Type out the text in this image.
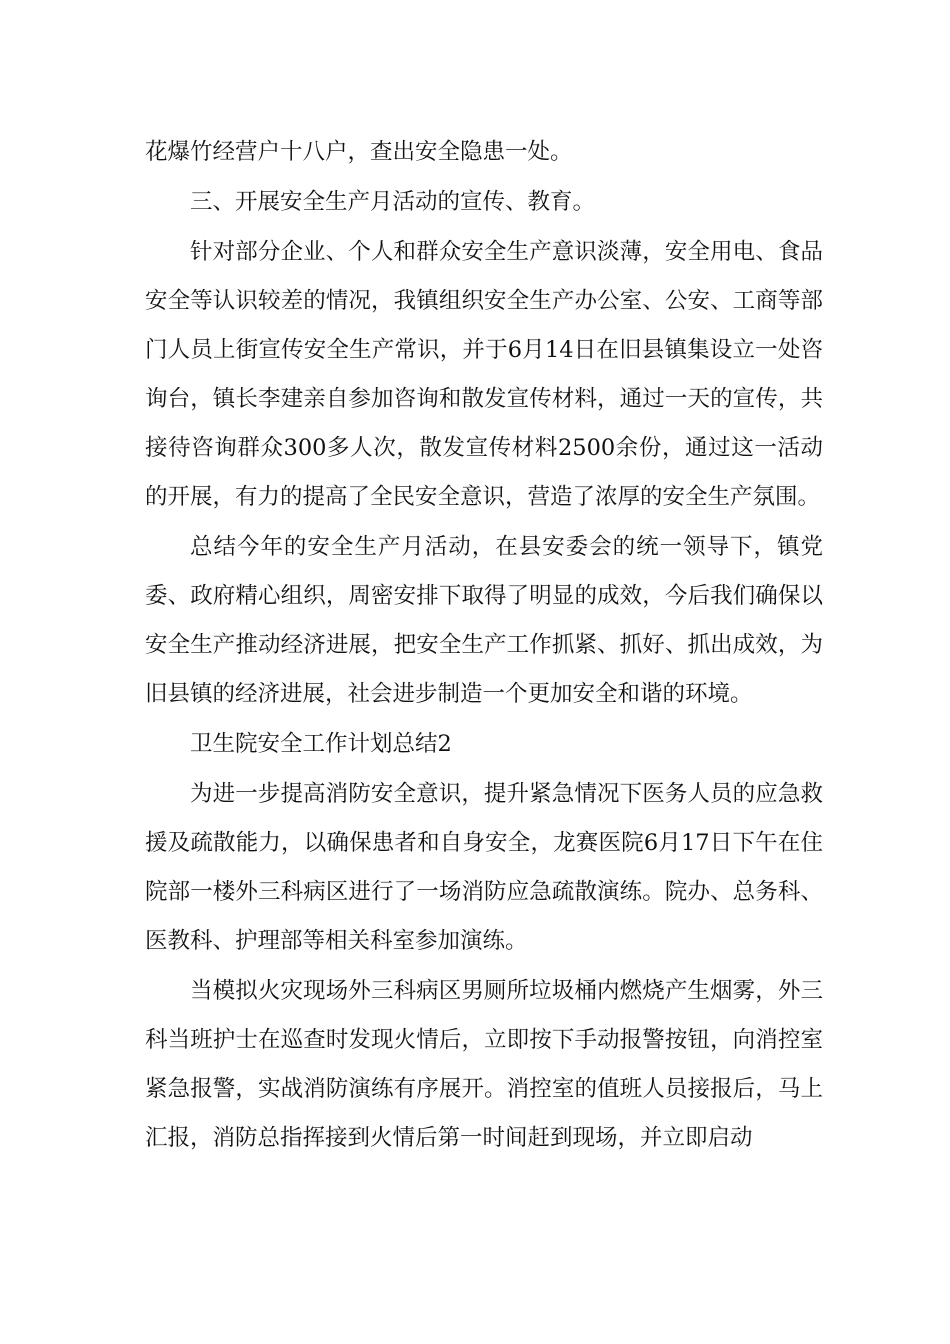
花爆竹经营户十八户，查出安全隐患一处。

三、开展安全生产月活动的宣传、教育。

针对部分企业、个人和群众安全生产意识淡薄，安全用电、食品安全等认识较差的情况，我镇组织安全生产办公室、公安、工商等部门人员上街宣传安全生产常识，并于6月14日在旧县镇集设立一处咨询台，镇长李建亲自参加咨询和散发宣传材料，通过一天的宣传，共接待咨询群众300多人次，散发宣传材料2500余份，通过这一活动的开展，有力的提高了全民安全意识，营造了浓厚的安全生产氛围。

总结今年的安全生产月活动，在县安委会的统一领导下，镇党委、政府精心组织，周密安排下取得了明显的成效，今后我们确保以安全生产推动经济进展，把安全生产工作抓紧、抓好、抓出成效，为旧县镇的经济进展，社会进步制造一个更加安全和谐的环境。

卫生院安全工作计划总结2

为进一步提高消防安全意识，提升紧急情况下医务人员的应急救援及疏散能力，以确保患者和自身安全，龙赛医院6月17日下午在住院部一楼外三科病区进行了一场消防应急疏散演练。院办、总务科、医教科、护理部等相关科室参加演练。

当模拟火灾现场外三科病区男厕所垃圾桶内燃烧产生烟雾，外三科当班护士在巡查时发现火情后，立即按下手动报警按钮，向消控室紧急报警，实战消防演练有序展开。消控室的值班人员接报后，马上汇报，消防总指挥接到火情后第一时间赶到现场，并立即启动
